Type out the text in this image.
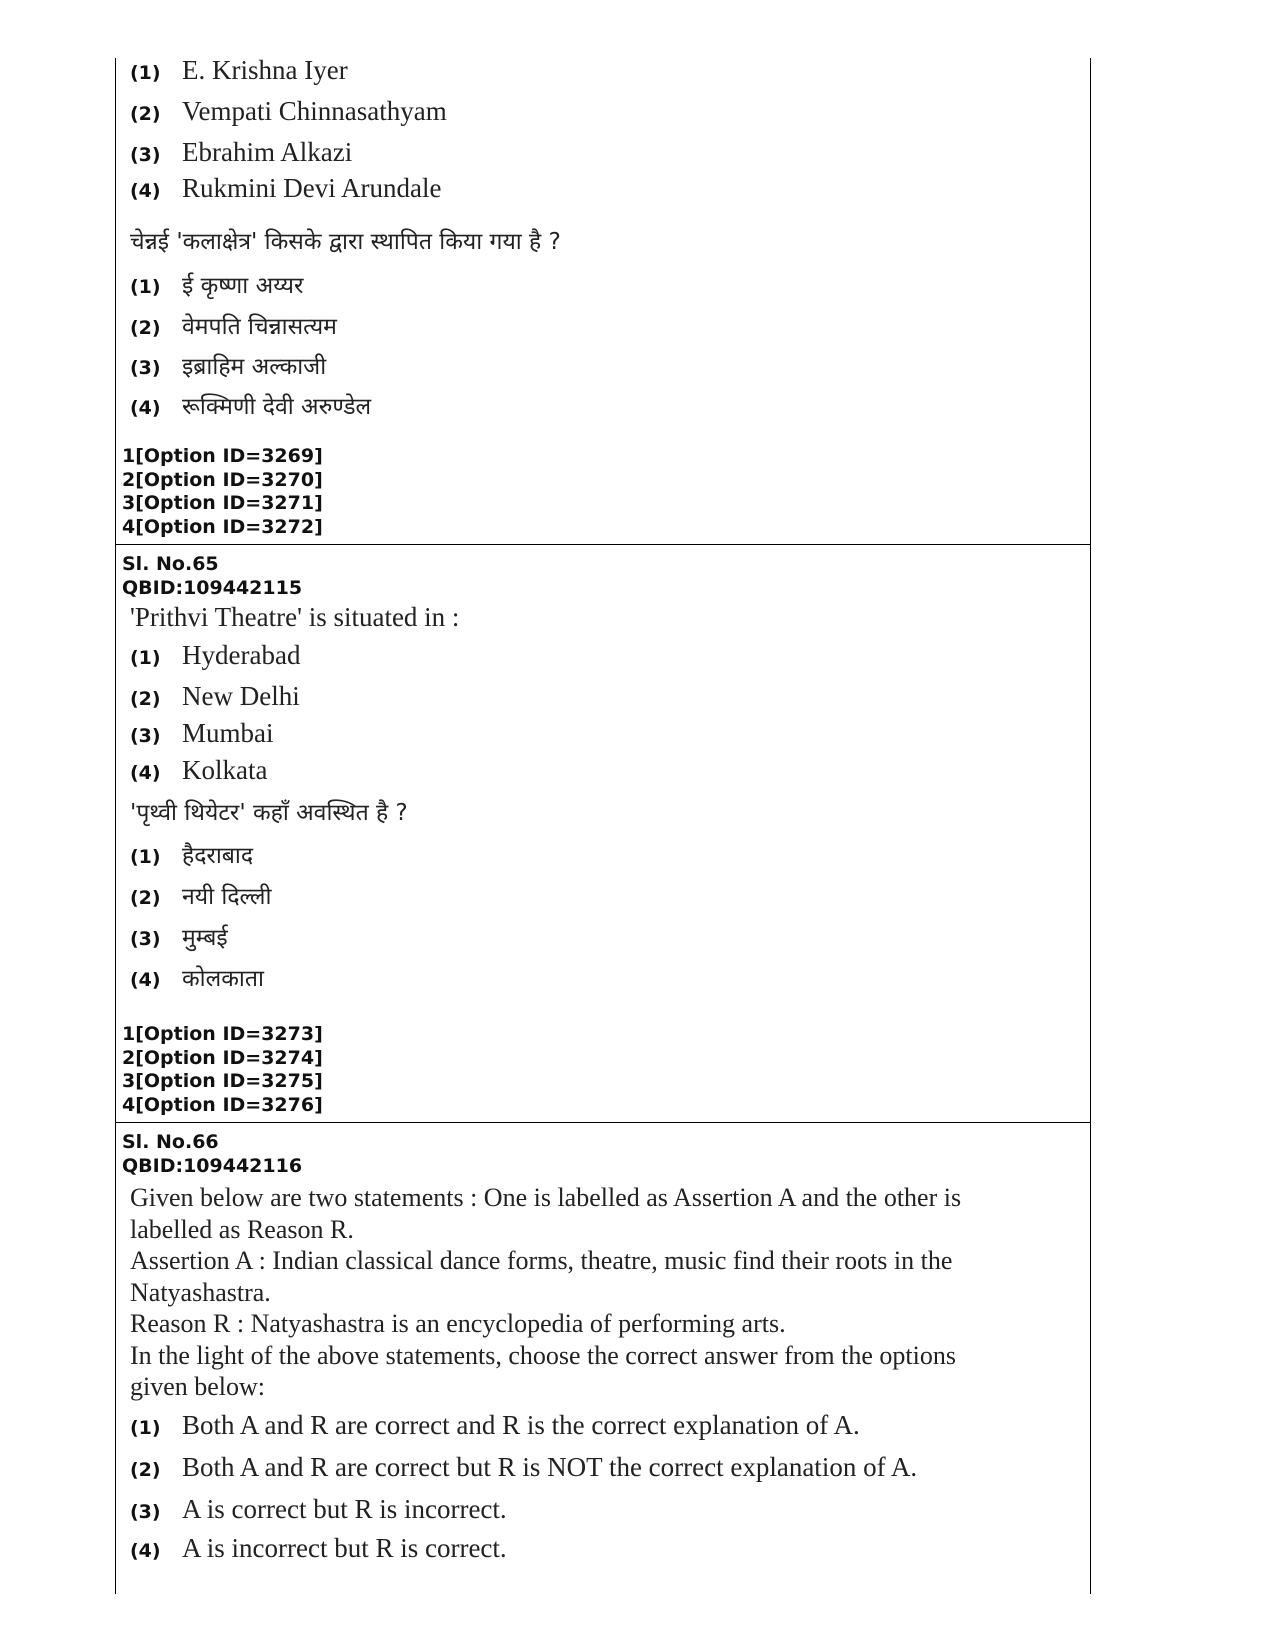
(1) E. Krishna Iyer
(2) Vempati Chinnasathyam
(3) Ebrahim Alkazi
(4) Rukmini Devi Arundale
चेन्नई 'कलाक्षेत्र' किसके द्वारा स्थापित किया गया है ?
(1) ई कृष्णा अय्यर
(2) वेमपति चिन्नासत्यम
(3) इब्राहिम अल्काजी
(4) रूक्मिणी देवी अरुण्डेल
1[Option ID=3269]
2[Option ID=3270]
3[Option ID=3271]
4[Option ID=3272]
Sl. No.65
QBID:109442115
'Prithvi Theatre' is situated in :
(1) Hyderabad
(2) New Delhi
(3) Mumbai
(4) Kolkata
'पृथ्वी थियेटर' कहाँ अवस्थित है ?
(1) हैदराबाद
(2) नयी दिल्ली
(3) मुम्बई
(4) कोलकाता
1[Option ID=3273]
2[Option ID=3274]
3[Option ID=3275]
4[Option ID=3276]
Sl. No.66
QBID:109442116
Given below are two statements : One is labelled as Assertion A and the other is
labelled as Reason R.
Assertion A : Indian classical dance forms, theatre, music find their roots in the
Natyashastra.
Reason R : Natyashastra is an encyclopedia of performing arts.
In the light of the above statements, choose the correct answer from the options
given below:
(1) Both A and R are correct and R is the correct explanation of A.
(2) Both A and R are correct but R is NOT the correct explanation of A.
(3) A is correct but R is incorrect.
(4) A is incorrect but R is correct.
